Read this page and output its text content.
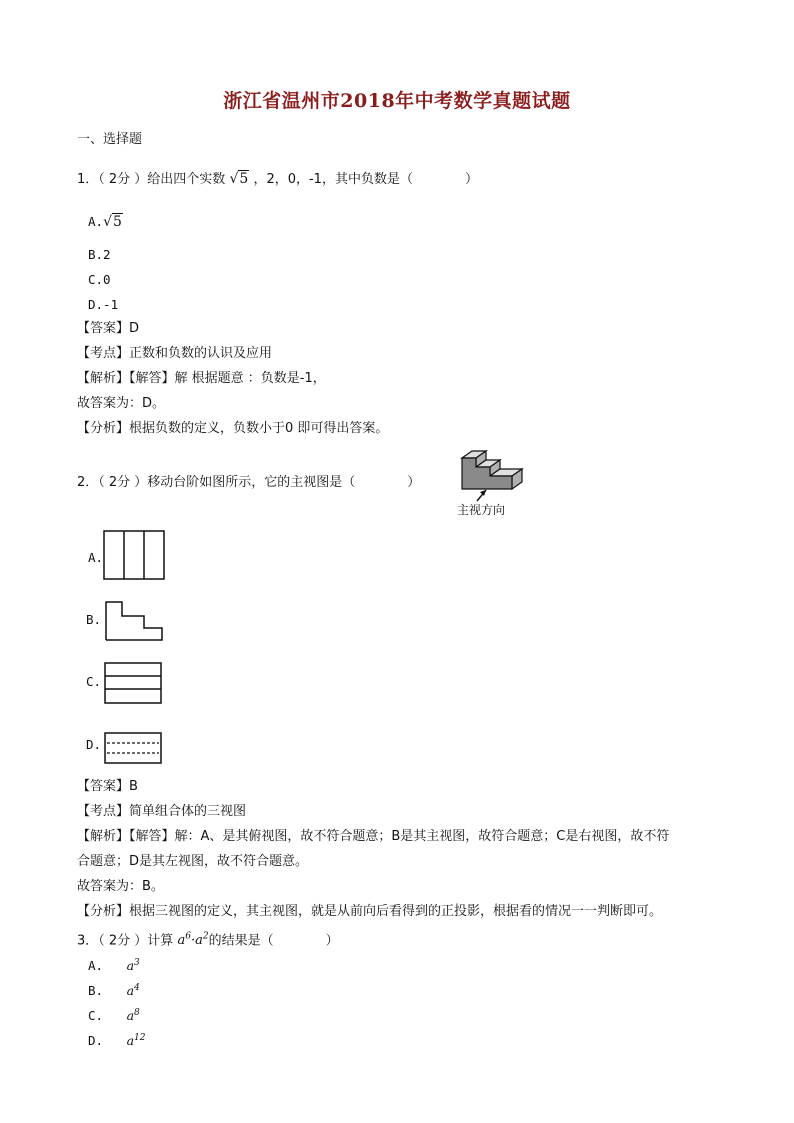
浙江省温州市2018年中考数学真题试题
一、选择题
1．（ 2分 ）给出四个实数 √5 ，2，0，-1，其中负数是（　　　　）
A.√5
B.2
C.0
D.-1
【答案】D
【考点】正数和负数的认识及应用
【解析】【解答】解 根据题意 ：负数是-1，
故答案为：D。
【分析】根据负数的定义，负数小于0 即可得出答案。
2．（ 2分 ）移动台阶如图所示，它的主视图是（　　　　）
主视方向
A.
B.
C.
D.
【答案】B
【考点】简单组合体的三视图
【解析】【解答】解：A、是其俯视图，故不符合题意；B是其主视图，故符合题意；C是右视图，故不符
合题意；D是其左视图，故不符合题意。
故答案为：B。
【分析】根据三视图的定义，其主视图，就是从前向后看得到的正投影，根据看的情况一一判断即可。
3．（ 2分 ）计算 $a^6\cdot a^2$的结果是（　　　　）
A. $a^3$
B. $a^4$
C. $a^8$
D. $a^{12}$
